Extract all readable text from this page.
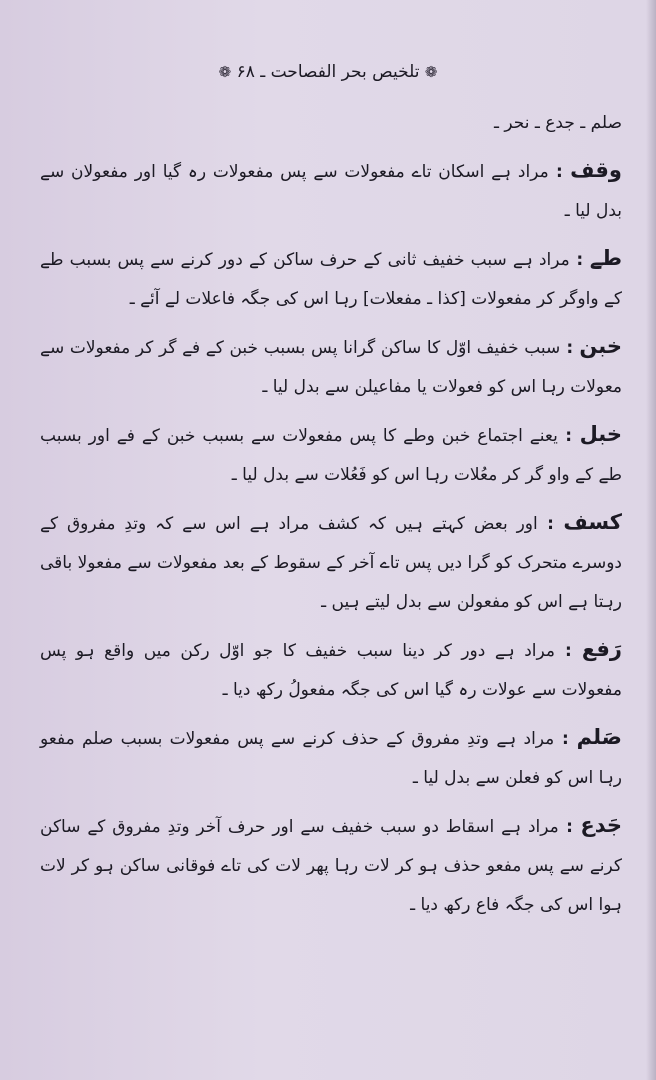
❁ تلخیص بحر الفصاحت ـ ۶۸ ❁

صلم ـ جدع ـ نحر ـ

وقف : مراد ہے اسکان تاے مفعولات سے پس مفعولات رہ گیا اور مفعولان سے بدل لیا ـ

طے : مراد ہے سبب خفیف ثانی کے حرف ساکن کے دور کرنے سے پس بسبب طے کے واوگر کر مفعولات [کذا ـ مفعلات] رہا اس کی جگہ فاعلات لے آئے ـ

خبن : سبب خفیف اوّل کا ساکن گرانا پس بسبب خبن کے فے گر کر مفعولات سے معولات رہا اس کو فعولات یا مفاعیلن سے بدل لیا ـ

خبل : یعنے اجتماع خبن وطے کا پس مفعولات سے بسبب خبن کے فے اور بسبب طے کے واو گر کر معُلات رہا اس کو فَعُلات سے بدل لیا ـ

کسف : اور بعض کہتے ہیں کہ کشف مراد ہے اس سے کہ وتدِ مفروق کے دوسرے متحرک کو گرا دیں پس تاے آخر کے سقوط کے بعد مفعولات سے مفعولا باقی رہتا ہے اس کو مفعولن سے بدل لیتے ہیں ـ

رَفع : مراد ہے دور کر دینا سبب خفیف کا جو اوّل رکن میں واقع ہو پس مفعولات سے عولات رہ گیا اس کی جگہ مفعولُ رکھ دیا ـ

صَلم : مراد ہے وتدِ مفروق کے حذف کرنے سے پس مفعولات بسبب صلم مفعو رہا اس کو فعلن سے بدل لیا ـ

جَدع : مراد ہے اسقاط دو سبب خفیف سے اور حرف آخر وتدِ مفروق کے ساکن کرنے سے پس مفعو حذف ہو کر لات رہا پھر لات کی تاے فوقانی ساکن ہو کر لات ہوا اس کی جگہ فاع رکھ دیا ـ
